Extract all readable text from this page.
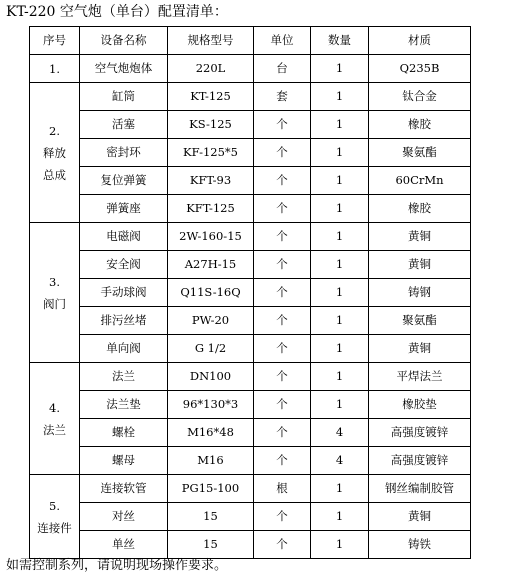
KT-220 空气炮（单台）配置清单：
序号	设备名称	规格型号	单位	数量	材质

1.	空气炮炮体	220L	台	1	Q235B

2.
释放
总成	缸筒	KT-125	套	1	钛合金
	活塞	KS-125	个	1	橡胶
	密封环	KF-125*5	个	1	聚氨酯
	复位弹簧	KFT-93	个	1	60CrMn
	弹簧座	KFT-125	个	1	橡胶

3.
阀门	电磁阀	2W-160-15	个	1	黄铜
	安全阀	A27H-15	个	1	黄铜
	手动球阀	Q11S-16Q	个	1	铸钢
	排污丝堵	PW-20	个	1	聚氨酯
	单向阀	G 1/2	个	1	黄铜

4.
法兰	法兰	DN100	个	1	平焊法兰
	法兰垫	96*130*3	个	1	橡胶垫
	螺栓	M16*48	个	4	高强度镀锌
	螺母	M16	个	4	高强度镀锌

5.
连接件	连接软管	PG15-100	根	1	钢丝编制胶管
	对丝	15	个	1	黄铜
	单丝	15	个	1	铸铁
如需控制系列，请说明现场操作要求。
